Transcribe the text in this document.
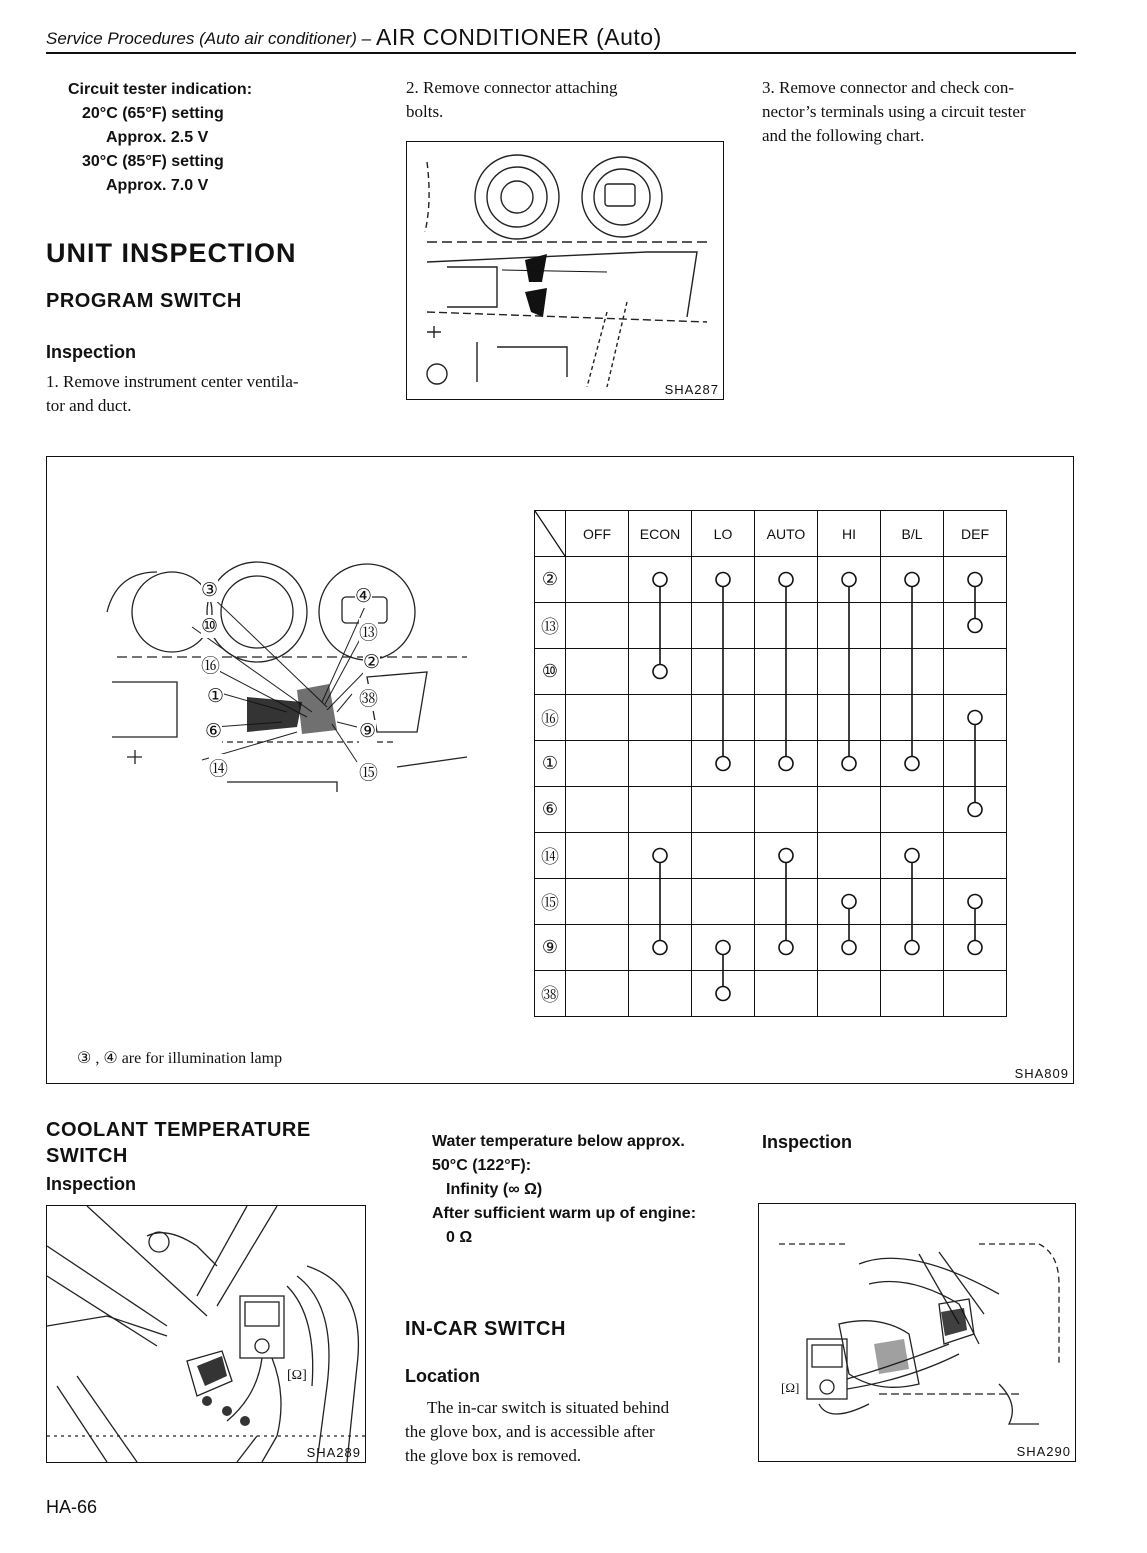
Service Procedures (Auto air conditioner) – AIR CONDITIONER (Auto)
Circuit tester indication:
20°C (65°F) setting
Approx. 2.5 V
30°C (85°F) setting
Approx. 7.0 V
UNIT INSPECTION
PROGRAM SWITCH
Inspection
1. Remove instrument center ventila-
tor and duct.
2. Remove connector attaching
bolts.
SHA287
3. Remove connector and check con-
nector’s terminals using a circuit tester
and the following chart.
③	④
⑩	⑬
⑯	②
①	㊳
⑥	⑨
⑭	⑮
③ , ④ are for illumination lamp
SHA809
	OFF	ECON	LO	AUTO	HI	B/L	DEF
②							
⑬							
⑩							
⑯							
①							
⑥							
⑭							
⑮							
⑨							
㊳							
COOLANT TEMPERATURE
SWITCH
Inspection
[Ω]
SHA289
Water temperature below approx.
50°C (122°F):
Infinity (∞ Ω)
After sufficient warm up of engine:
0 Ω
IN-CAR SWITCH
Location
The in-car switch is situated behind
the glove box, and is accessible after
the glove box is removed.
Inspection
[Ω]
SHA290
HA-66
